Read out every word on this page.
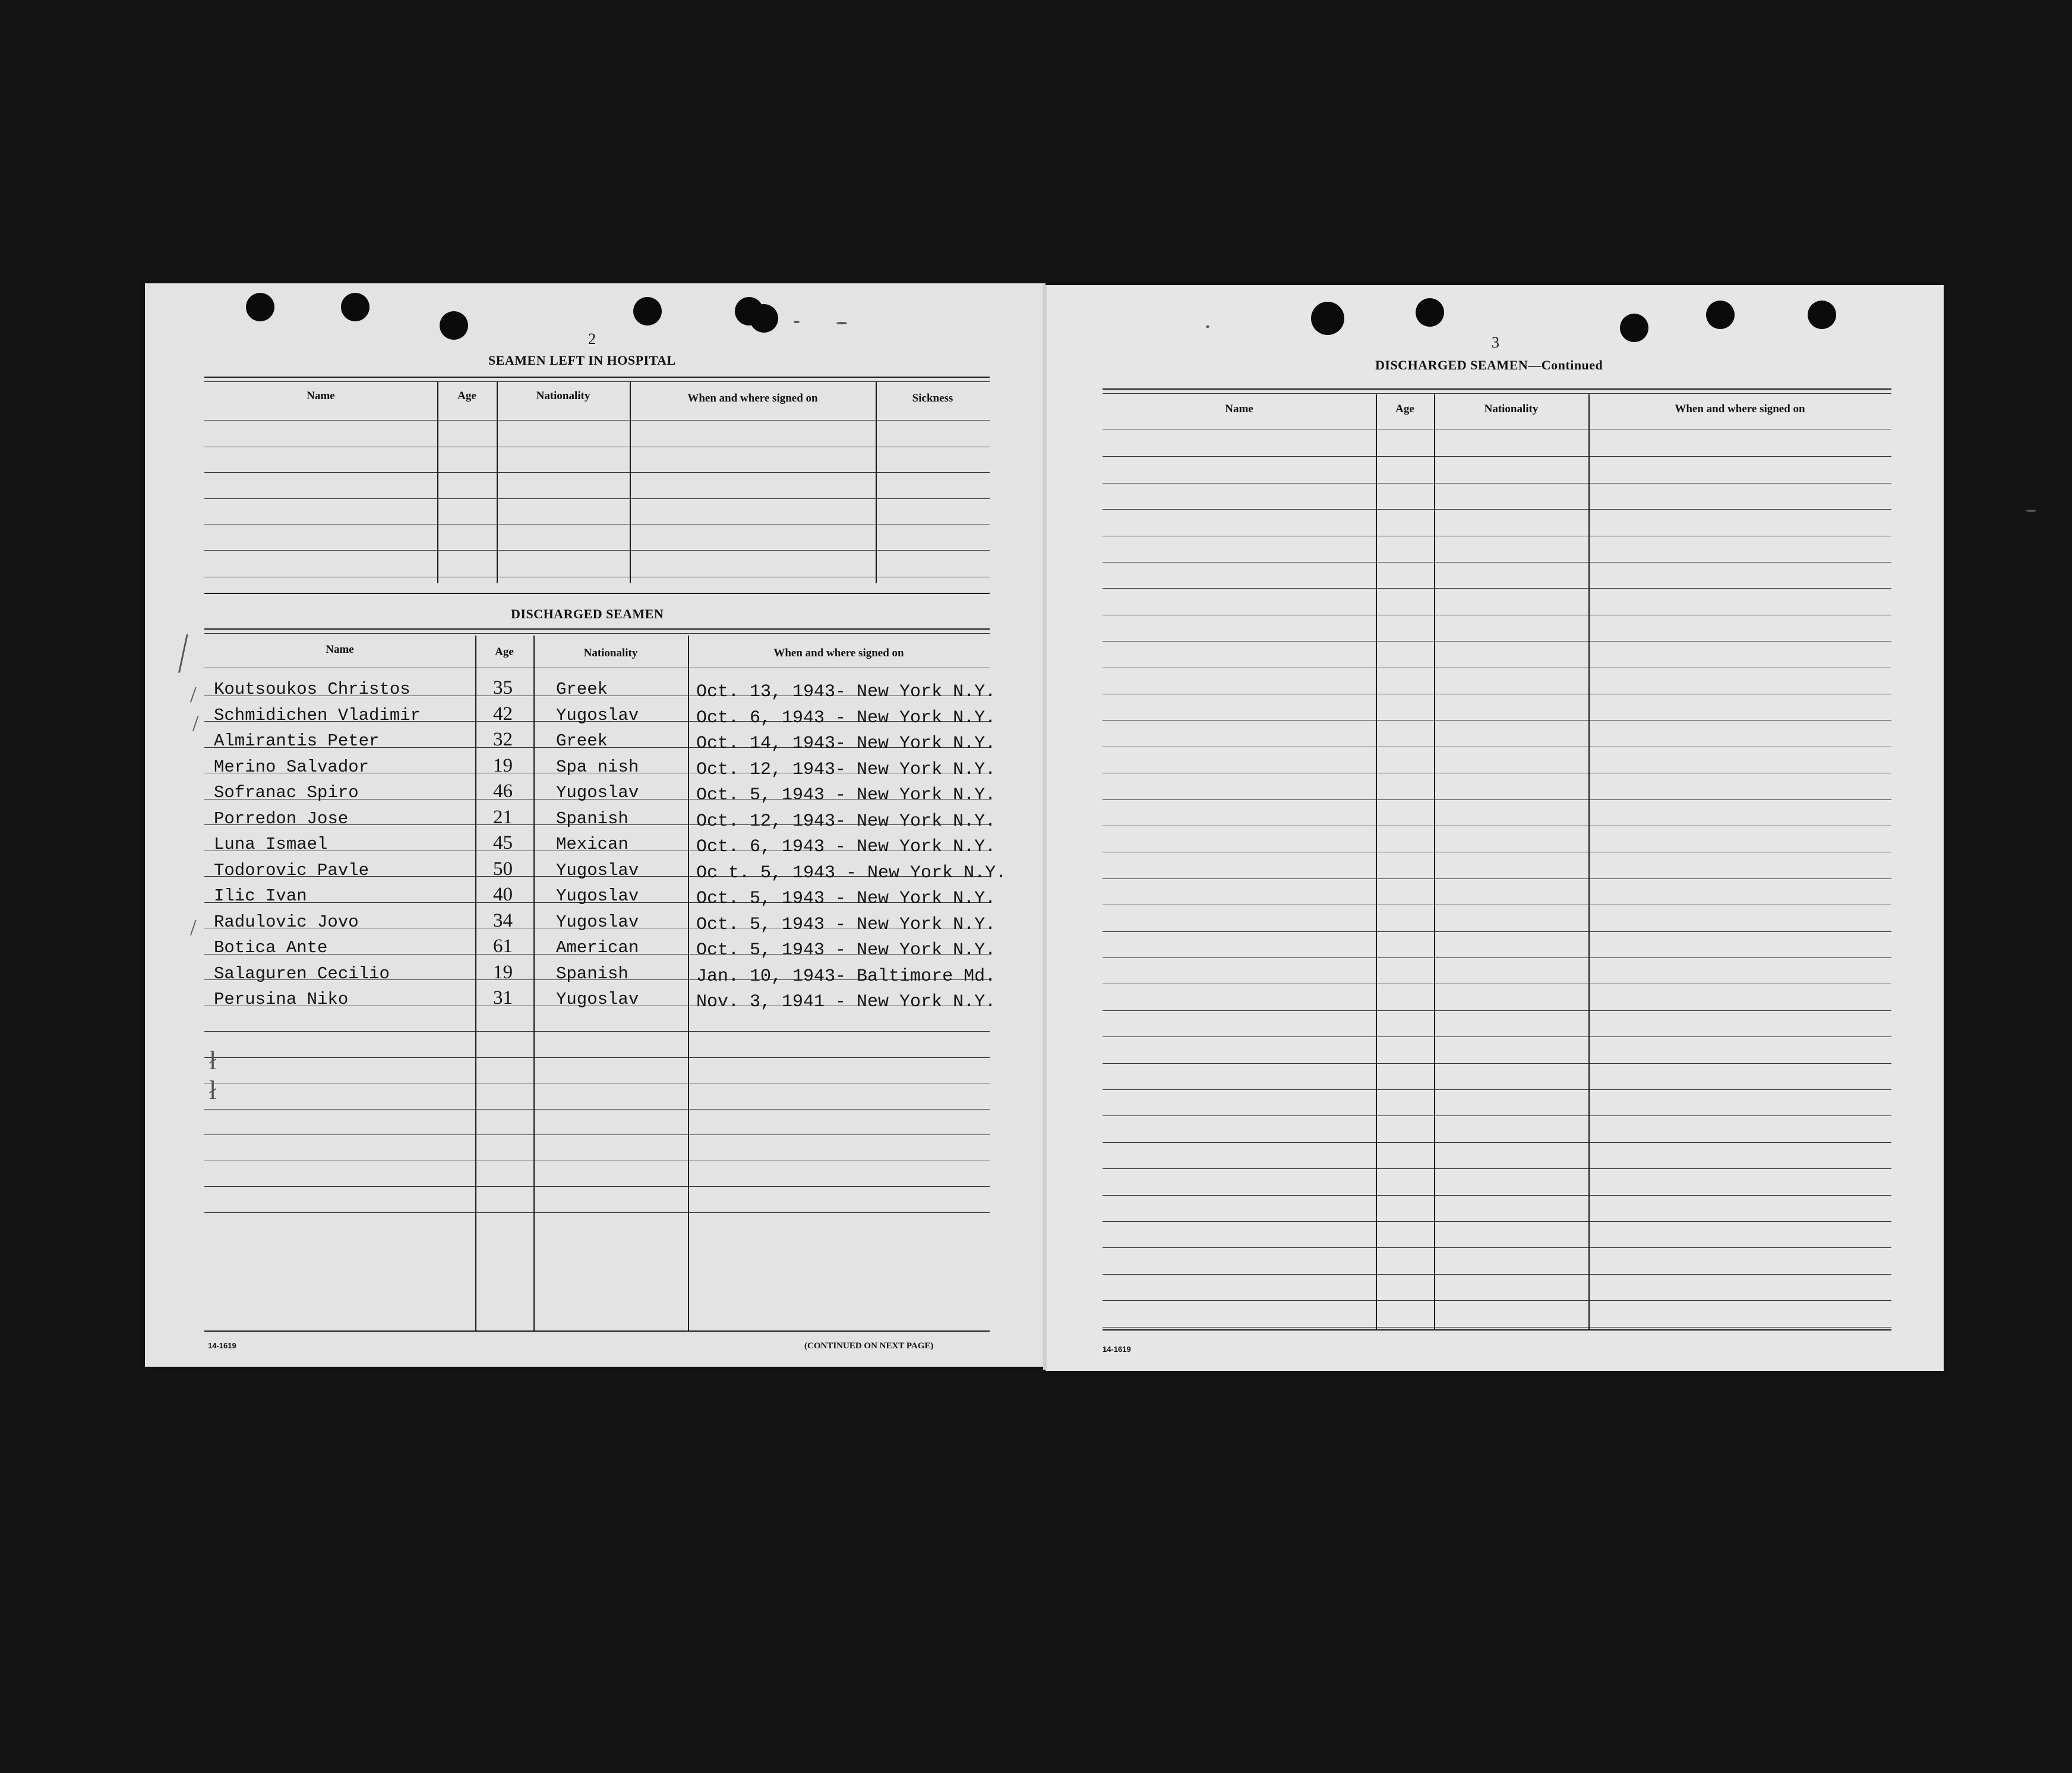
2
SEAMEN LEFT IN HOSPITAL
Name	Age	Nationality	When and where signed on	Sickness
DISCHARGED SEAMEN
Name	Age	Nationality	When and where signed on
Koutsoukos Christos	35	Greek	Oct. 13, 1943- New York N.Y.
Schmidichen Vladimir	42	Yugoslav	Oct. 6, 1943 - New York N.Y.
Almirantis Peter	32	Greek	Oct. 14, 1943- New York N.Y.
Merino Salvador	19	Spa nish	Oct. 12, 1943- New York N.Y.
Sofranac Spiro	46	Yugoslav	Oct. 5, 1943 - New York N.Y.
Porredon Jose	21	Spanish	Oct. 12, 1943- New York N.Y.
Luna Ismael	45	Mexican	Oct. 6, 1943 - New York N.Y.
Todorovic Pavle	50	Yugoslav	Oc t. 5, 1943 - New York N.Y.
Ilic Ivan	40	Yugoslav	Oct. 5, 1943 - New York N.Y.
Radulovic Jovo	34	Yugoslav	Oct. 5, 1943 - New York N.Y.
Botica Ante	61	American	Oct. 5, 1943 - New York N.Y.
Salaguren Cecilio	19	Spanish	Jan. 10, 1943- Baltimore Md.
Perusina Niko	31	Yugoslav	Nov. 3, 1941 - New York N.Y.
/
/
/
/
ł
ł
14-1619	(CONTINUED ON NEXT PAGE)
3
DISCHARGED SEAMEN—Continued
Name	Age	Nationality	When and where signed on
14-1619
